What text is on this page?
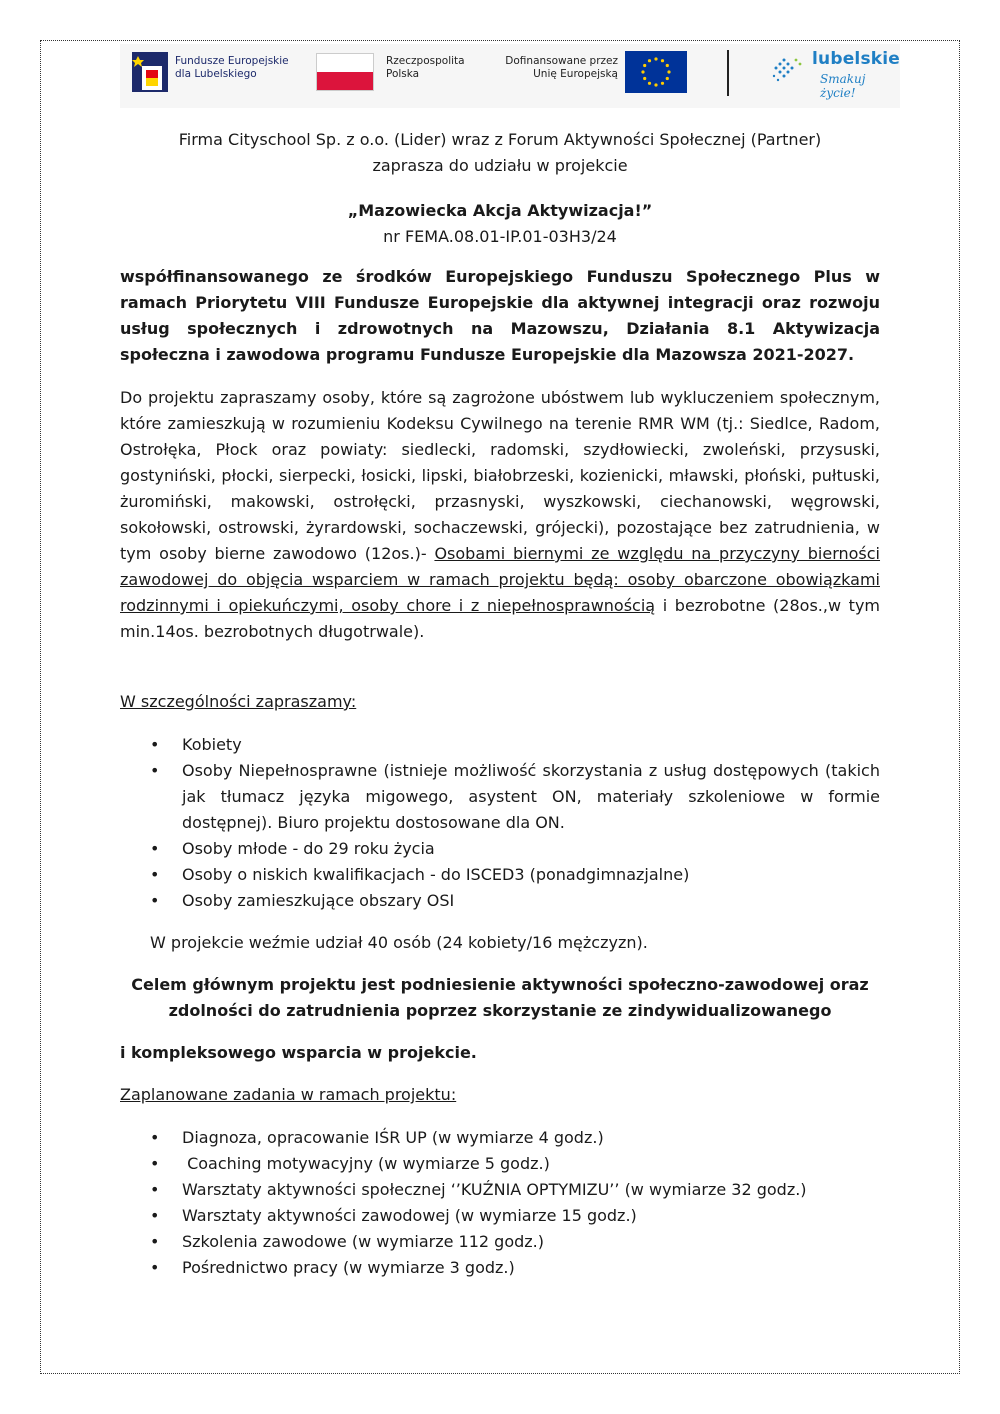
Fundusze Europejskie
dla Lubelskiego
Rzeczpospolita
Polska
Dofinansowane przez
Unię Europejską
lubelskie
Smakuj życie!
Firma Cityschool Sp. z o.o. (Lider) wraz z Forum Aktywności Społecznej (Partner)
zaprasza do udziału w projekcie
„Mazowiecka Akcja Aktywizacja!”
nr FEMA.08.01-IP.01-03H3/24
współfinansowanego ze środków Europejskiego Funduszu Społecznego Plus w ramach Priorytetu VIII Fundusze Europejskie dla aktywnej integracji oraz rozwoju usług społecznych i zdrowotnych na Mazowszu, Działania 8.1 Aktywizacja społeczna i zawodowa programu Fundusze Europejskie dla Mazowsza 2021-2027.
Do projektu zapraszamy osoby, które są zagrożone ubóstwem lub wykluczeniem społecznym, które zamieszkują w rozumieniu Kodeksu Cywilnego na terenie RMR WM (tj.: Siedlce, Radom, Ostrołęka, Płock oraz powiaty: siedlecki, radomski, szydłowiecki, zwoleński, przysuski, gostyniński, płocki, sierpecki, łosicki, lipski, białobrzeski, kozienicki, mławski, płoński, pułtuski, żuromiński, makowski, ostrołęcki, przasnyski, wyszkowski, ciechanowski, węgrowski, sokołowski, ostrowski, żyrardowski, sochaczewski, grójecki), pozostające bez zatrudnienia, w tym osoby bierne zawodowo (12os.)- Osobami biernymi ze względu na przyczyny bierności zawodowej do objęcia wsparciem w ramach projektu będą: osoby obarczone obowiązkami rodzinnymi i opiekuńczymi, osoby chore i z niepełnosprawnością i bezrobotne (28os.,w tym min.14os. bezrobotnych długotrwale).
W szczególności zapraszamy:
• Kobiety
• Osoby Niepełnosprawne (istnieje możliwość skorzystania z usług dostępowych (takich jak tłumacz języka migowego, asystent ON, materiały szkoleniowe w formie dostępnej). Biuro projektu dostosowane dla ON.
• Osoby młode - do 29 roku życia
• Osoby o niskich kwalifikacjach - do ISCED3 (ponadgimnazjalne)
• Osoby zamieszkujące obszary OSI
W projekcie weźmie udział 40 osób (24 kobiety/16 mężczyzn).
Celem głównym projektu jest podniesienie aktywności społeczno-zawodowej oraz
zdolności do zatrudnienia poprzez skorzystanie ze zindywidualizowanego
i kompleksowego wsparcia w projekcie.
Zaplanowane zadania w ramach projektu:
• Diagnoza, opracowanie IŚR UP (w wymiarze 4 godz.)
•  Coaching motywacyjny (w wymiarze 5 godz.)
• Warsztaty aktywności społecznej ‘’KUŹNIA OPTYMIZU’’ (w wymiarze 32 godz.)
• Warsztaty aktywności zawodowej (w wymiarze 15 godz.)
• Szkolenia zawodowe (w wymiarze 112 godz.)
• Pośrednictwo pracy (w wymiarze 3 godz.)
